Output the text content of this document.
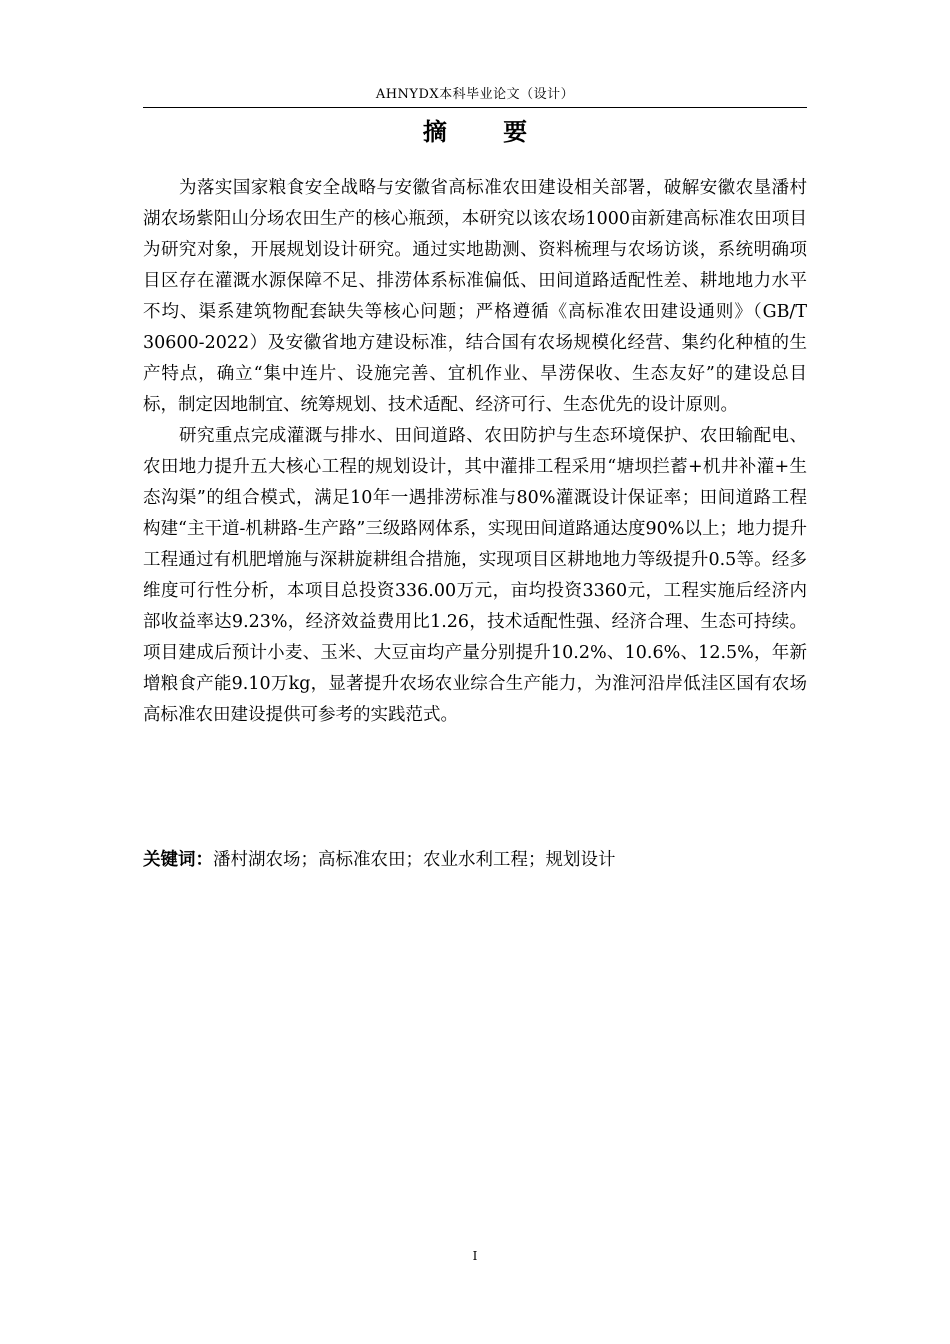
AHNYDX本科毕业论文（设计）
摘 要

为落实国家粮食安全战略与安徽省高标准农田建设相关部署，破解安徽农垦潘村湖农场紫阳山分场农田生产的核心瓶颈，本研究以该农场1000亩新建高标准农田项目为研究对象，开展规划设计研究。通过实地勘测、资料梳理与农场访谈，系统明确项目区存在灌溉水源保障不足、排涝体系标准偏低、田间道路适配性差、耕地地力水平不均、渠系建筑物配套缺失等核心问题；严格遵循《高标准农田建设通则》（GB/T 30600-2022）及安徽省地方建设标准，结合国有农场规模化经营、集约化种植的生产特点，确立“集中连片、设施完善、宜机作业、旱涝保收、生态友好”的建设总目标，制定因地制宜、统筹规划、技术适配、经济可行、生态优先的设计原则。

研究重点完成灌溉与排水、田间道路、农田防护与生态环境保护、农田输配电、农田地力提升五大核心工程的规划设计，其中灌排工程采用“塘坝拦蓄+机井补灌+生态沟渠”的组合模式，满足10年一遇排涝标准与80%灌溉设计保证率；田间道路工程构建“主干道-机耕路-生产路”三级路网体系，实现田间道路通达度90%以上；地力提升工程通过有机肥增施与深耕旋耕组合措施，实现项目区耕地地力等级提升0.5等。经多维度可行性分析，本项目总投资336.00万元，亩均投资3360元，工程实施后经济内部收益率达9.23%，经济效益费用比1.26，技术适配性强、经济合理、生态可持续。项目建成后预计小麦、玉米、大豆亩均产量分别提升10.2%、10.6%、12.5%，年新增粮食产能9.10万kg，显著提升农场农业综合生产能力，为淮河沿岸低洼区国有农场高标准农田建设提供可参考的实践范式。

关键词：潘村湖农场；高标准农田；农业水利工程；规划设计
I
